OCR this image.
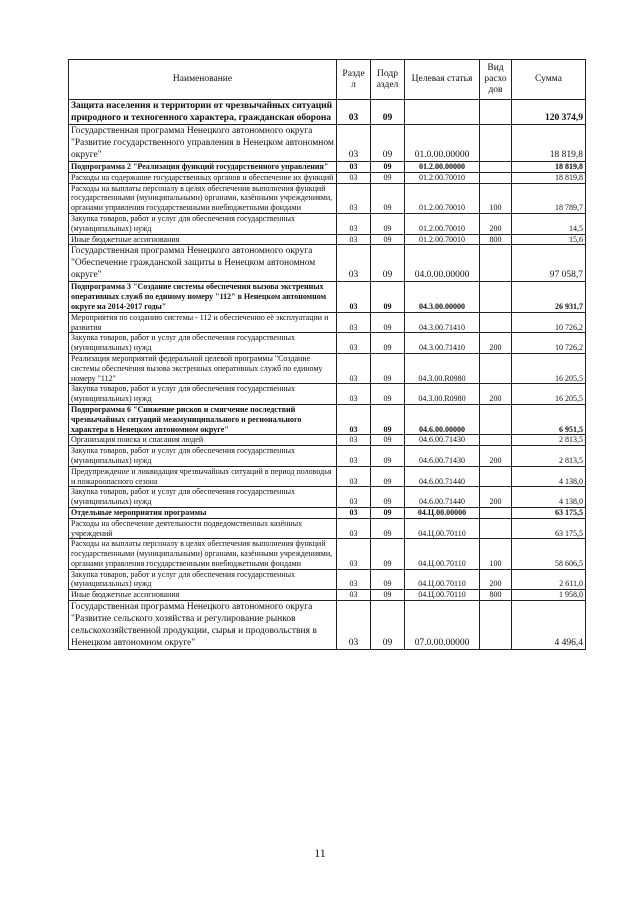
Наименование	Разде л	Подр аздел	Целевая статья	Вид расхо дов	Сумма
Защита населения и территории от чрезвычайных ситуаций природного и техногенного характера, гражданская оборона	03	09			120 374,9
Государственная программа Ненецкого автономного округа "Развитие государственного управления в Ненецком автономном округе"	03	09	01.0.00.00000		18 819,8
Подпрограмма 2 "Реализация функций государственного управления"	03	09	01.2.00.00000		18 819,8
Расходы на содержание государственных органов и обеспечение их функций	03	09	01.2.00.70010		18 819,8
Расходы на выплаты персоналу в целях обеспечения выполнения функций государственными (муниципальными) органами, казёнными учреждениями, органами управления государственными внебюджетными фондами	03	09	01.2.00.70010	100	18 789,7
Закупка товаров, работ и услуг для обеспечения государственных (муниципальных) нужд	03	09	01.2.00.70010	200	14,5
Иные бюджетные ассигнования	03	09	01.2.00.70010	800	15,6
Государственная программа Ненецкого автономного округа "Обеспечение гражданской защиты в Ненецком автономном округе"	03	09	04.0.00.00000		97 058,7
Подпрограмма 3 "Создание системы обеспечения вызова экстренных оперативных служб по единому номеру "112" в Ненецком автономном округе на 2014-2017 годы"	03	09	04.3.00.00000		26 931,7
Мероприятия по созданию системы - 112 и обеспечению её эксплуатации и развития	03	09	04.3.00.71410		10 726,2
Закупка товаров, работ и услуг для обеспечения государственных (муниципальных) нужд	03	09	04.3.00.71410	200	10 726,2
Реализация мероприятий федеральной целевой программы "Создание системы обеспечения вызова экстренных оперативных служб по единому номеру "112"	03	09	04.3.00.R0980		16 205,5
Закупка товаров, работ и услуг для обеспечения государственных (муниципальных) нужд	03	09	04.3.00.R0980	200	16 205,5
Подпрограмма 6 "Снижение рисков и смягчение последствий чрезвычайных ситуаций межмуниципального и регионального характера в Ненецком автономном округе"	03	09	04.6.00.00000		6 951,5
Организация поиска и спасания людей	03	09	04.6.00.71430		2 813,5
Закупка товаров, работ и услуг для обеспечения государственных (муниципальных) нужд	03	09	04.6.00.71430	200	2 813,5
Предупреждение и ликвидация чрезвычайных ситуаций в период половодья и пожароопасного сезона	03	09	04.6.00.71440		4 138,0
Закупка товаров, работ и услуг для обеспечения государственных (муниципальных) нужд	03	09	04.6.00.71440	200	4 138,0
Отдельные мероприятия программы	03	09	04.Ц.00.00000		63 175,5
Расходы на обеспечение деятельности подведомственных казённых учреждений	03	09	04.Ц.00.70110		63 175,5
Расходы на выплаты персоналу в целях обеспечения выполнения функций государственными (муниципальными) органами, казёнными учреждениями, органами управления государственными внебюджетными фондами	03	09	04.Ц.00.70110	100	58 606,5
Закупка товаров, работ и услуг для обеспечения государственных (муниципальных) нужд	03	09	04.Ц.00.70110	200	2 611,0
Иные бюджетные ассигнования	03	09	04.Ц.00.70110	800	1 958,0
Государственная программа Ненецкого автономного округа "Развитие сельского хозяйства и регулирование рынков сельскохозяйственной продукции, сырья и продовольствия в Ненецком автономном округе"	03	09	07.0.00.00000		4 496,4
11
